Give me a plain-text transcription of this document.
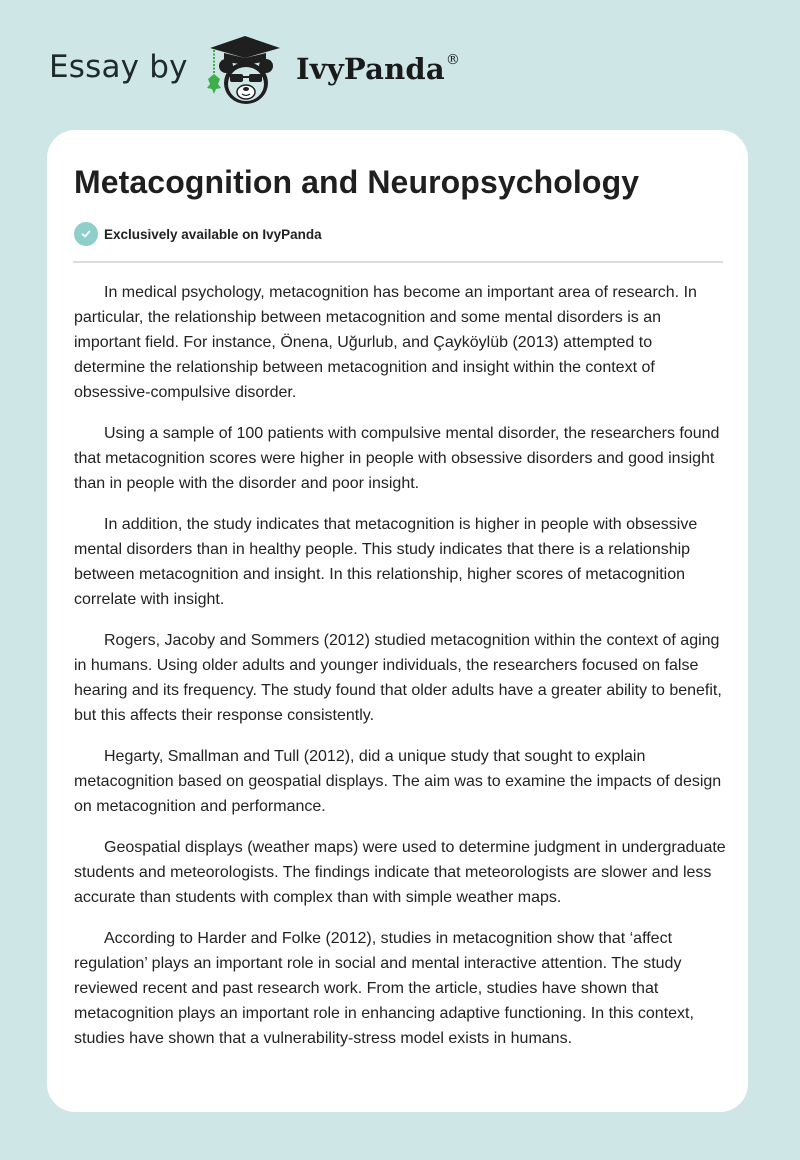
Essay by	IvyPanda®
Metacognition and Neuropsychology
Exclusively available on IvyPanda

In medical psychology, metacognition has become an important area of research. In particular, the relationship between metacognition and some mental disorders is an important field. For instance, Önena, Uğurlub, and Çayköylüb (2013) attempted to determine the relationship between metacognition and insight within the context of obsessive-compulsive disorder.

Using a sample of 100 patients with compulsive mental disorder, the researchers found that metacognition scores were higher in people with obsessive disorders and good insight than in people with the disorder and poor insight.

In addition, the study indicates that metacognition is higher in people with obsessive mental disorders than in healthy people. This study indicates that there is a relationship between metacognition and insight. In this relationship, higher scores of metacognition correlate with insight.

Rogers, Jacoby and Sommers (2012) studied metacognition within the context of aging in humans. Using older adults and younger individuals, the researchers focused on false hearing and its frequency. The study found that older adults have a greater ability to benefit, but this affects their response consistently.

Hegarty, Smallman and Tull (2012), did a unique study that sought to explain metacognition based on geospatial displays. The aim was to examine the impacts of design on metacognition and performance.

Geospatial displays (weather maps) were used to determine judgment in undergraduate students and meteorologists. The findings indicate that meteorologists are slower and less accurate than students with complex than with simple weather maps.

According to Harder and Folke (2012), studies in metacognition show that ‘affect regulation’ plays an important role in social and mental interactive attention. The study reviewed recent and past research work. From the article, studies have shown that metacognition plays an important role in enhancing adaptive functioning. In this context, studies have shown that a vulnerability-stress model exists in humans.
